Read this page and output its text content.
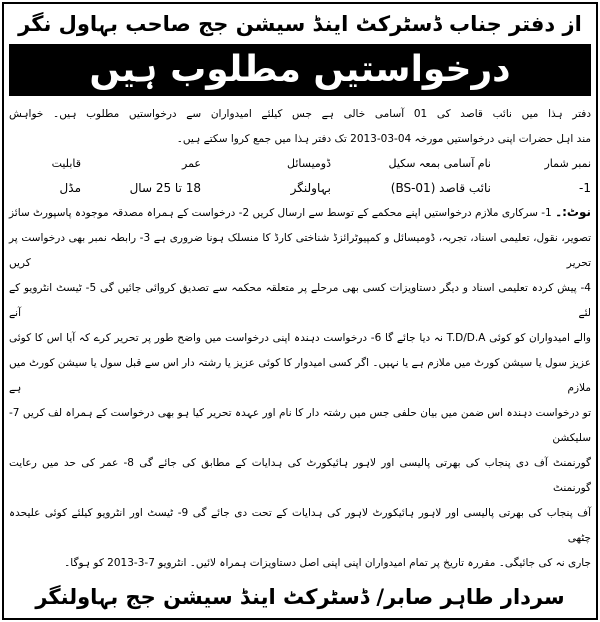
از دفتر جناب ڈسٹرکٹ اینڈ سیشن جج صاحب بہاول نگر
درخواستیں مطلوب ہیں
دفتر ہذا میں نائب قاصد کی 01 آسامی خالی ہے جس کیلئے امیدواران سے درخواستیں مطلوب ہیں۔ خواہش
مند اہل حضرات اپنی درخواستیں مورخہ 04-03-2013 تک دفتر ہذا میں جمع کروا سکتے ہیں۔
نمبر شمار
نام آسامی بمعہ سکیل
ڈومیسائل
عمر
قابلیت
1-
نائب قاصد (BS-01)
بہاولنگر
18 تا 25 سال
مڈل
نوٹ:۔ 1- سرکاری ملازم درخواستیں اپنے محکمے کے توسط سے ارسال کریں 2- درخواست کے ہمراہ مصدقہ موجودہ پاسپورٹ سائز
تصویر، نقول، تعلیمی اسناد، تجربہ، ڈومیسائل و کمپیوٹرائزڈ شناختی کارڈ کا منسلک ہونا ضروری ہے 3- رابطہ نمبر بھی درخواست پر تحریر کریں
4- پیش کردہ تعلیمی اسناد و دیگر دستاویزات کسی بھی مرحلے پر متعلقہ محکمہ سے تصدیق کروائی جائیں گی 5- ٹیسٹ انٹرویو کے لئے آنے
والے امیدواران کو کوئی T.D/D.A نہ دیا جائے گا 6- درخواست دہندہ اپنی درخواست میں واضح طور پر تحریر کرے کہ آیا اس کا کوئی
عزیز سول یا سیشن کورٹ میں ملازم ہے یا نہیں۔ اگر کسی امیدوار کا کوئی عزیز یا رشتہ دار اس سے قبل سول یا سیشن کورٹ میں ملازم ہے
تو درخواست دہندہ اس ضمن میں بیان حلفی جس میں رشتہ دار کا نام اور عہدہ تحریر کیا ہو بھی درخواست کے ہمراہ لف کریں 7- سلیکشن
گورنمنٹ آف دی پنجاب کی بھرتی پالیسی اور لاہور ہائیکورٹ کی ہدایات کے مطابق کی جائے گی 8- عمر کی حد میں رعایت گورنمنٹ
آف پنجاب کی بھرتی پالیسی اور لاہور ہائیکورٹ لاہور کی ہدایات کے تحت دی جائے گی 9- ٹیسٹ اور انٹرویو کیلئے کوئی علیحدہ چٹھی
جاری نہ کی جائیگی۔ مقررہ تاریخ پر تمام امیدواران اپنی اپنی اصل دستاویزات ہمراہ لائیں۔ انٹرویو 7-3-2013 کو ہوگا۔
سردار طاہر صابر/ ڈسٹرکٹ اینڈ سیشن جج بہاولنگر
